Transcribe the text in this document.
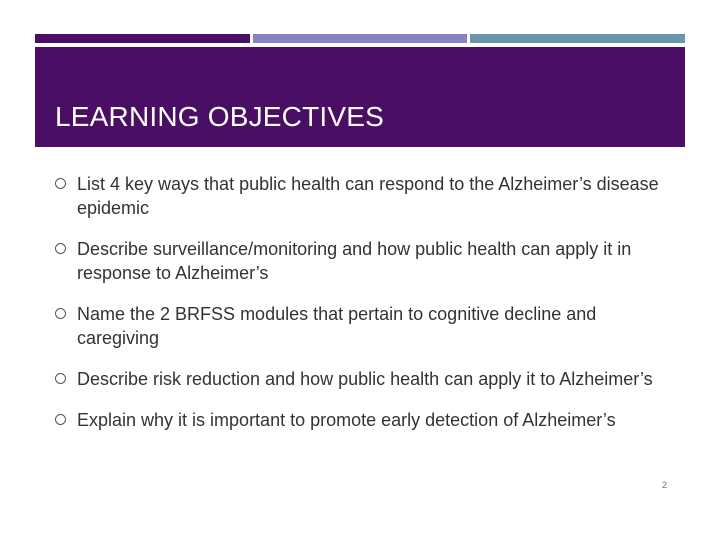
LEARNING OBJECTIVES
List 4 key ways that public health can respond to the Alzheimer’s disease epidemic
Describe surveillance/monitoring and how public health can apply it in response to Alzheimer’s
Name the 2 BRFSS modules that pertain to cognitive decline and caregiving
Describe risk reduction and how public health can apply it to Alzheimer’s
Explain why it is important to promote early detection of Alzheimer’s
2
